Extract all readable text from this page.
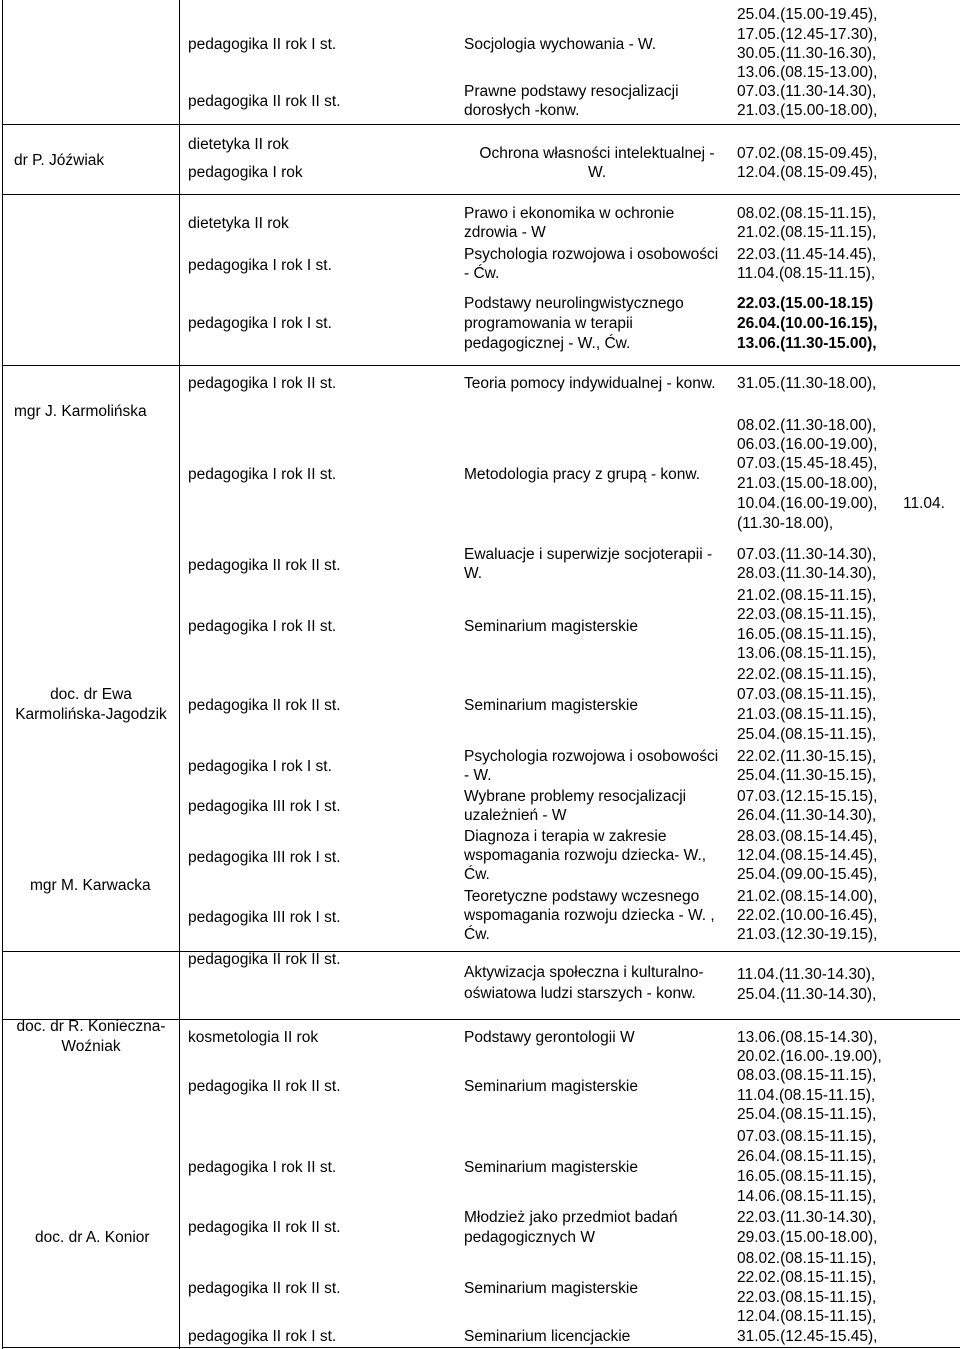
dr P. Jóźwiak
mgr J. Karmolińska
doc. dr Ewa
Karmolińska-Jagodzik
mgr M. Karwacka
doc. dr R. Konieczna-
Woźniak
doc. dr A. Konior
pedagogika II rok I st.
pedagogika II rok II st.
dietetyka II rok
pedagogika I rok
dietetyka II rok
pedagogika I rok I st.
pedagogika I rok I st.
pedagogika I rok II st.
pedagogika I rok II st.
pedagogika II rok II st.
pedagogika I rok II st.
pedagogika II rok II st.
pedagogika I rok I st.
pedagogika III rok I st.
pedagogika III rok I st.
pedagogika III rok I st.
pedagogika II rok II st.
kosmetologia II rok
pedagogika II rok II st.
pedagogika I rok II st.
pedagogika II rok II st.
pedagogika II rok II st.
pedagogika II rok I st.
Socjologia wychowania - W.
Prawne podstawy resocjalizacji
dorosłych -konw.
Ochrona własności intelektualnej -
W.
Prawo i ekonomika w ochronie
zdrowia - W
Psychologia rozwojowa i osobowości
- Ćw.
Podstawy neurolingwistycznego
programowania w terapii
pedagogicznej - W., Ćw.
Teoria pomocy indywidualnej - konw.
Metodologia pracy z grupą - konw.
Ewaluacje i superwizje socjoterapii -
W.
Seminarium magisterskie
Seminarium magisterskie
Psychologia rozwojowa i osobowości
- W.
Wybrane problemy resocjalizacji
uzależnień - W
Diagnoza i terapia w zakresie
wspomagania rozwoju dziecka- W.,
Ćw.
Teoretyczne podstawy wczesnego
wspomagania rozwoju dziecka - W. ,
Ćw.
Aktywizacja społeczna i kulturalno-
oświatowa ludzi starszych - konw.
Podstawy gerontologii W
Seminarium magisterskie
Seminarium magisterskie
Młodzież jako przedmiot badań
pedagogicznych W
Seminarium magisterskie
Seminarium licencjackie
25.04.(15.00-19.45),
17.05.(12.45-17.30),
30.05.(11.30-16.30),
13.06.(08.15-13.00),
07.03.(11.30-14.30),
21.03.(15.00-18.00),
07.02.(08.15-09.45),
12.04.(08.15-09.45),
08.02.(08.15-11.15),
21.02.(08.15-11.15),
22.03.(11.45-14.45),
11.04.(08.15-11.15),
22.03.(15.00-18.15)
26.04.(10.00-16.15),
13.06.(11.30-15.00),
31.05.(11.30-18.00),
08.02.(11.30-18.00),
06.03.(16.00-19.00),
07.03.(15.45-18.45),
21.03.(15.00-18.00),
10.04.(16.00-19.00), 11.04.
(11.30-18.00),
07.03.(11.30-14.30),
28.03.(11.30-14.30),
21.02.(08.15-11.15),
22.03.(08.15-11.15),
16.05.(08.15-11.15),
13.06.(08.15-11.15),
22.02.(08.15-11.15),
07.03.(08.15-11.15),
21.03.(08.15-11.15),
25.04.(08.15-11.15),
22.02.(11.30-15.15),
25.04.(11.30-15.15),
07.03.(12.15-15.15),
26.04.(11.30-14.30),
28.03.(08.15-14.45),
12.04.(08.15-14.45),
25.04.(09.00-15.45),
21.02.(08.15-14.00),
22.02.(10.00-16.45),
21.03.(12.30-19.15),
11.04.(11.30-14.30),
25.04.(11.30-14.30),
13.06.(08.15-14.30),
20.02.(16.00-.19.00),
08.03.(08.15-11.15),
11.04.(08.15-11.15),
25.04.(08.15-11.15),
07.03.(08.15-11.15),
26.04.(08.15-11.15),
16.05.(08.15-11.15),
14.06.(08.15-11.15),
22.03.(11.30-14.30),
29.03.(15.00-18.00),
08.02.(08.15-11.15),
22.02.(08.15-11.15),
22.03.(08.15-11.15),
12.04.(08.15-11.15),
31.05.(12.45-15.45),
